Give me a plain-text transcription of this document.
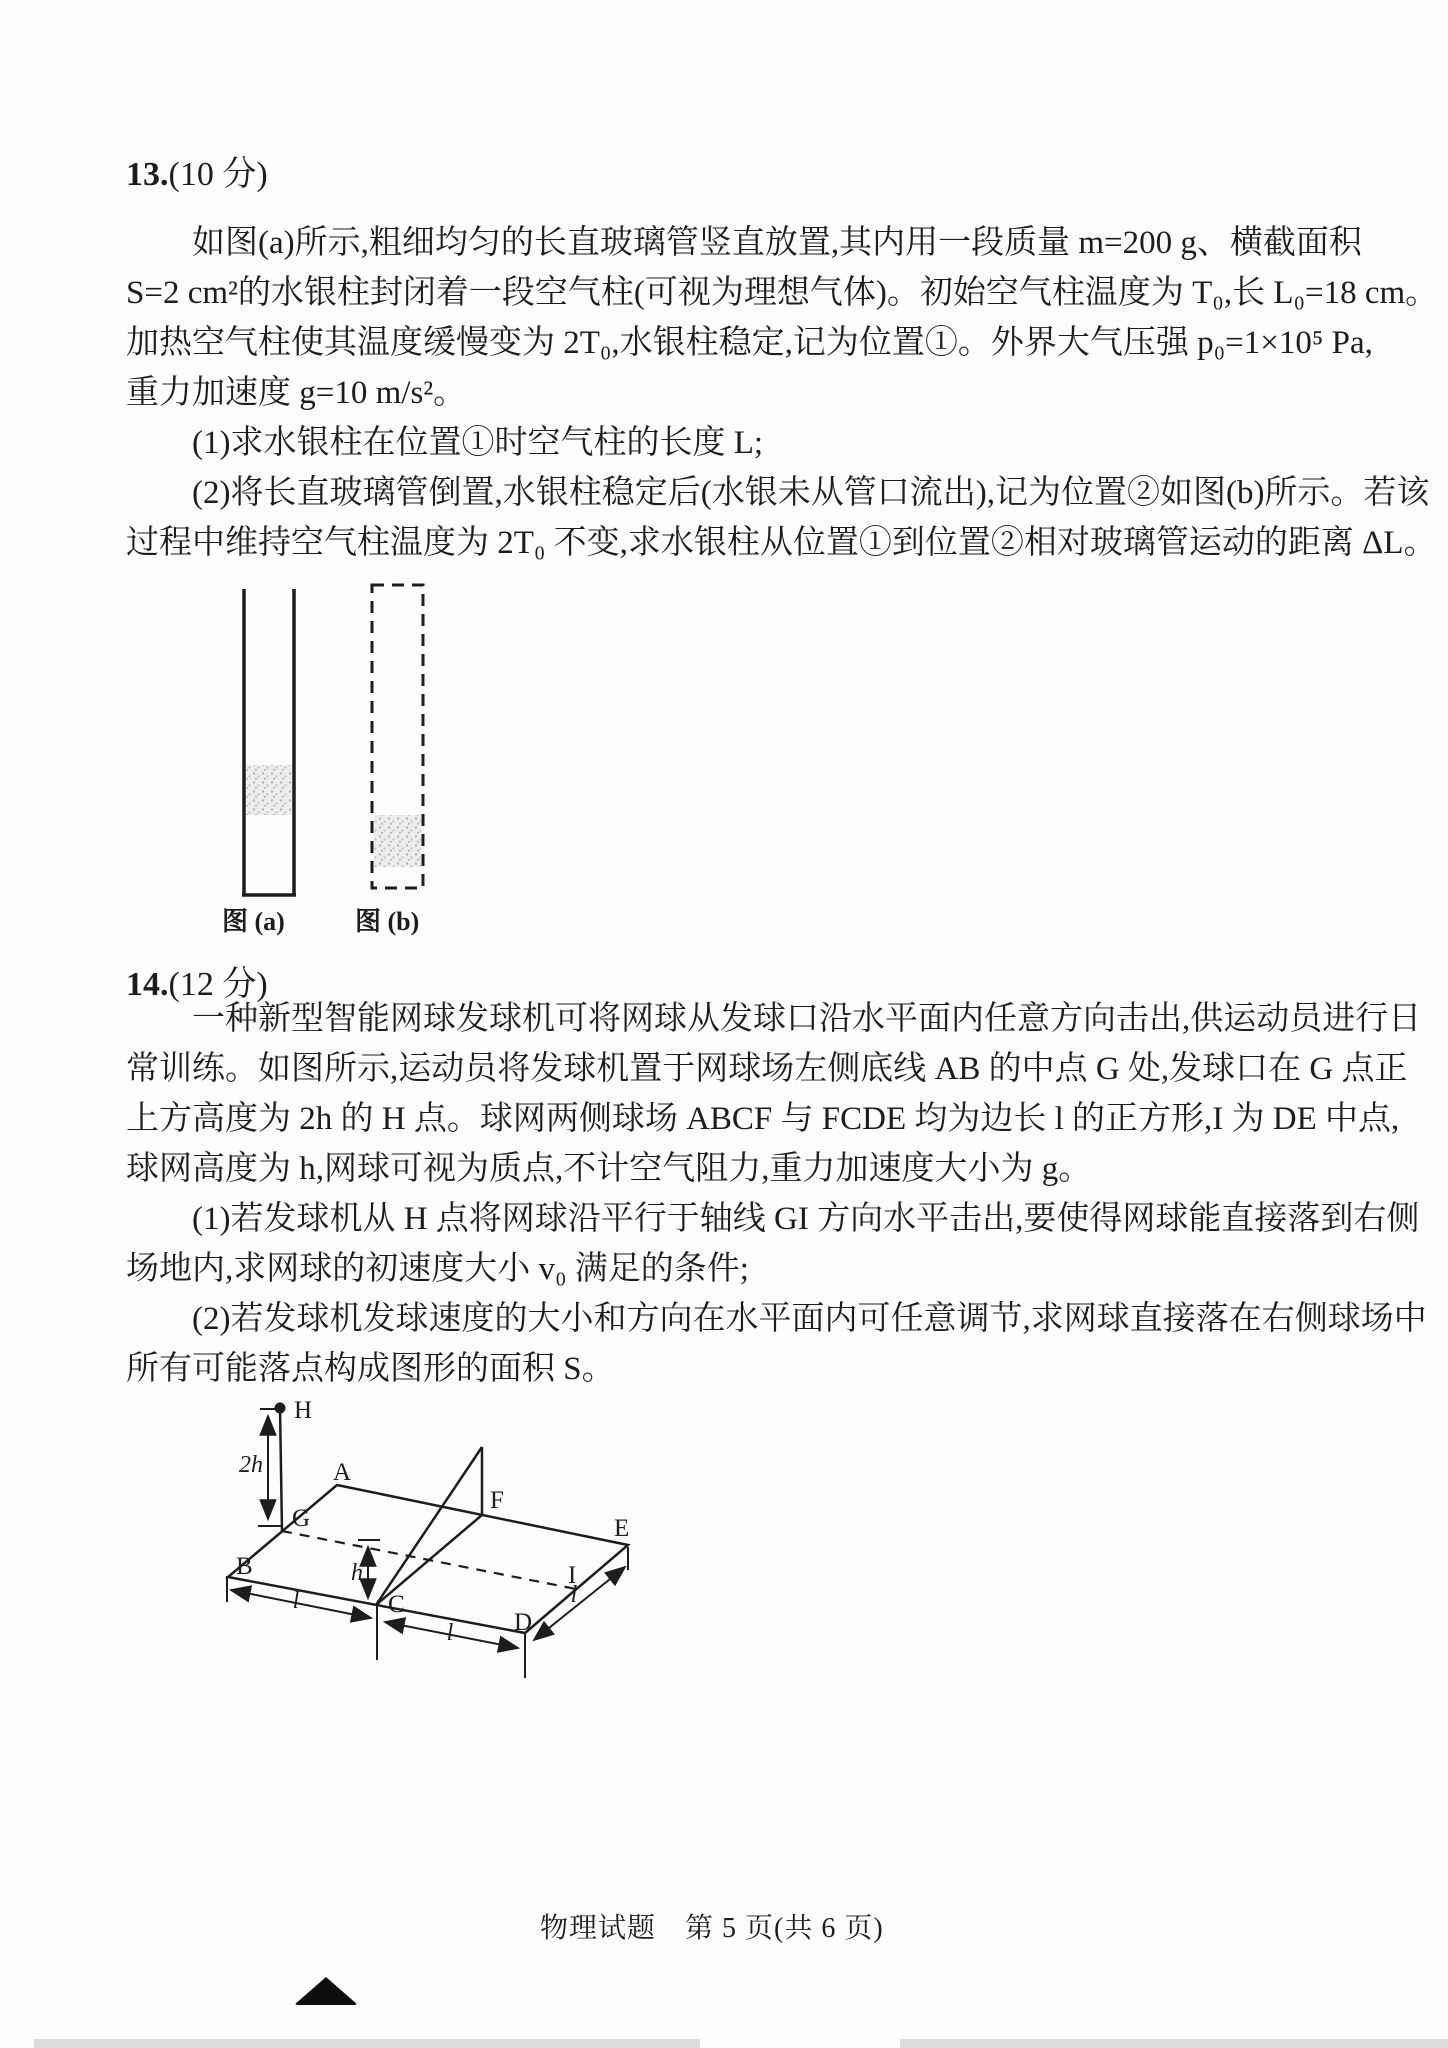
13.(10 分)
如图(a)所示,粗细均匀的长直玻璃管竖直放置,其内用一段质量 m=200 g、横截面积
S=2 cm²的水银柱封闭着一段空气柱(可视为理想气体)。初始空气柱温度为 T₀,长 L₀=18 cm。
加热空气柱使其温度缓慢变为 2T₀,水银柱稳定,记为位置①。外界大气压强 p₀=1×10⁵ Pa,
重力加速度 g=10 m/s²。
(1)求水银柱在位置①时空气柱的长度 L;
(2)将长直玻璃管倒置,水银柱稳定后(水银未从管口流出),记为位置②如图(b)所示。若该
过程中维持空气柱温度为 2T₀ 不变,求水银柱从位置①到位置②相对玻璃管运动的距离 ΔL。
图 (a)	图 (b)
14.(12 分)
一种新型智能网球发球机可将网球从发球口沿水平面内任意方向击出,供运动员进行日
常训练。如图所示,运动员将发球机置于网球场左侧底线 AB 的中点 G 处,发球口在 G 点正
上方高度为 2h 的 H 点。球网两侧球场 ABCF 与 FCDE 均为边长 l 的正方形,I 为 DE 中点,
球网高度为 h,网球可视为质点,不计空气阻力,重力加速度大小为 g。
(1)若发球机从 H 点将网球沿平行于轴线 GI 方向水平击出,要使得网球能直接落到右侧
场地内,求网球的初速度大小 v₀ 满足的条件;
(2)若发球机发球速度的大小和方向在水平面内可任意调节,求网球直接落在右侧球场中
所有可能落点构成图形的面积 S。
H
A
B
G
F
E
C
D
I
2h
h
l
l
l
物理试题　第 5 页(共 6 页)
